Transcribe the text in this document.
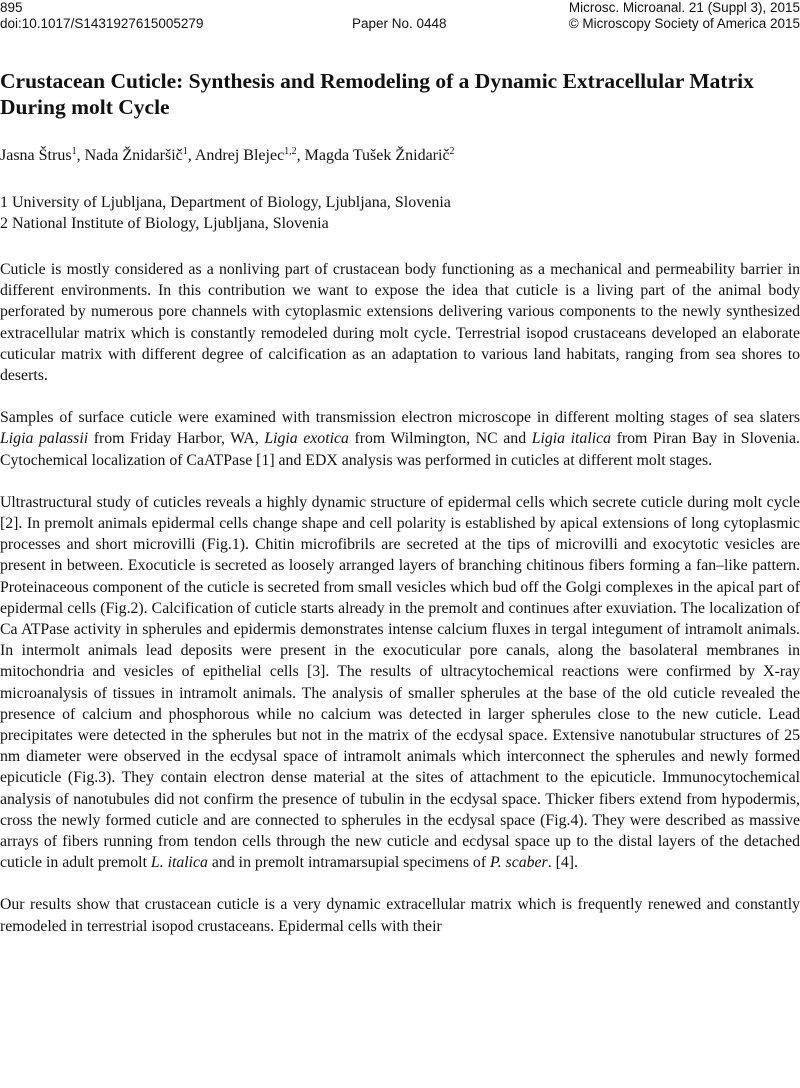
895	Microsc. Microanal. 21 (Suppl 3), 2015
doi:10.1017/S1431927615005279	Paper No. 0448	© Microscopy Society of America 2015
Crustacean Cuticle: Synthesis and Remodeling of a Dynamic Extracellular Matrix During molt Cycle
Jasna Štrus$^1$, Nada Žnidaršič$^1$, Andrej Blejec$^{1,2}$, Magda Tušek Žnidarič$^2$
1 University of Ljubljana, Department of Biology, Ljubljana, Slovenia
2 National Institute of Biology, Ljubljana, Slovenia

Cuticle is mostly considered as a nonliving part of crustacean body functioning as a mechanical and permeability barrier in different environments. In this contribution we want to expose the idea that cuticle is a living part of the animal body perforated by numerous pore channels with cytoplasmic extensions delivering various components to the newly synthesized extracellular matrix which is constantly remodeled during molt cycle. Terrestrial isopod crustaceans developed an elaborate cuticular matrix with different degree of calcification as an adaptation to various land habitats, ranging from sea shores to deserts.

Samples of surface cuticle were examined with transmission electron microscope in different molting stages of sea slaters Ligia palassii from Friday Harbor, WA, Ligia exotica from Wilmington, NC and Ligia italica from Piran Bay in Slovenia. Cytochemical localization of CaATPase [1] and EDX analysis was performed in cuticles at different molt stages.

Ultrastructural study of cuticles reveals a highly dynamic structure of epidermal cells which secrete cuticle during molt cycle [2]. In premolt animals epidermal cells change shape and cell polarity is established by apical extensions of long cytoplasmic processes and short microvilli (Fig.1). Chitin microfibrils are secreted at the tips of microvilli and exocytotic vesicles are present in between. Exocuticle is secreted as loosely arranged layers of branching chitinous fibers forming a fan–like pattern. Proteinaceous component of the cuticle is secreted from small vesicles which bud off the Golgi complexes in the apical part of epidermal cells (Fig.2). Calcification of cuticle starts already in the premolt and continues after exuviation. The localization of Ca ATPase activity in spherules and epidermis demonstrates intense calcium fluxes in tergal integument of intramolt animals. In intermolt animals lead deposits were present in the exocuticular pore canals, along the basolateral membranes in mitochondria and vesicles of epithelial cells [3]. The results of ultracytochemical reactions were confirmed by X-ray microanalysis of tissues in intramolt animals. The analysis of smaller spherules at the base of the old cuticle revealed the presence of calcium and phosphorous while no calcium was detected in larger spherules close to the new cuticle. Lead precipitates were detected in the spherules but not in the matrix of the ecdysal space. Extensive nanotubular structures of 25 nm diameter were observed in the ecdysal space of intramolt animals which interconnect the spherules and newly formed epicuticle (Fig.3). They contain electron dense material at the sites of attachment to the epicuticle. Immunocytochemical analysis of nanotubules did not confirm the presence of tubulin in the ecdysal space. Thicker fibers extend from hypodermis, cross the newly formed cuticle and are connected to spherules in the ecdysal space (Fig.4). They were described as massive arrays of fibers running from tendon cells through the new cuticle and ecdysal space up to the distal layers of the detached cuticle in adult premolt L. italica and in premolt intramarsupial specimens of P. scaber. [4].

Our results show that crustacean cuticle is a very dynamic extracellular matrix which is frequently renewed and constantly remodeled in terrestrial isopod crustaceans. Epidermal cells with their
